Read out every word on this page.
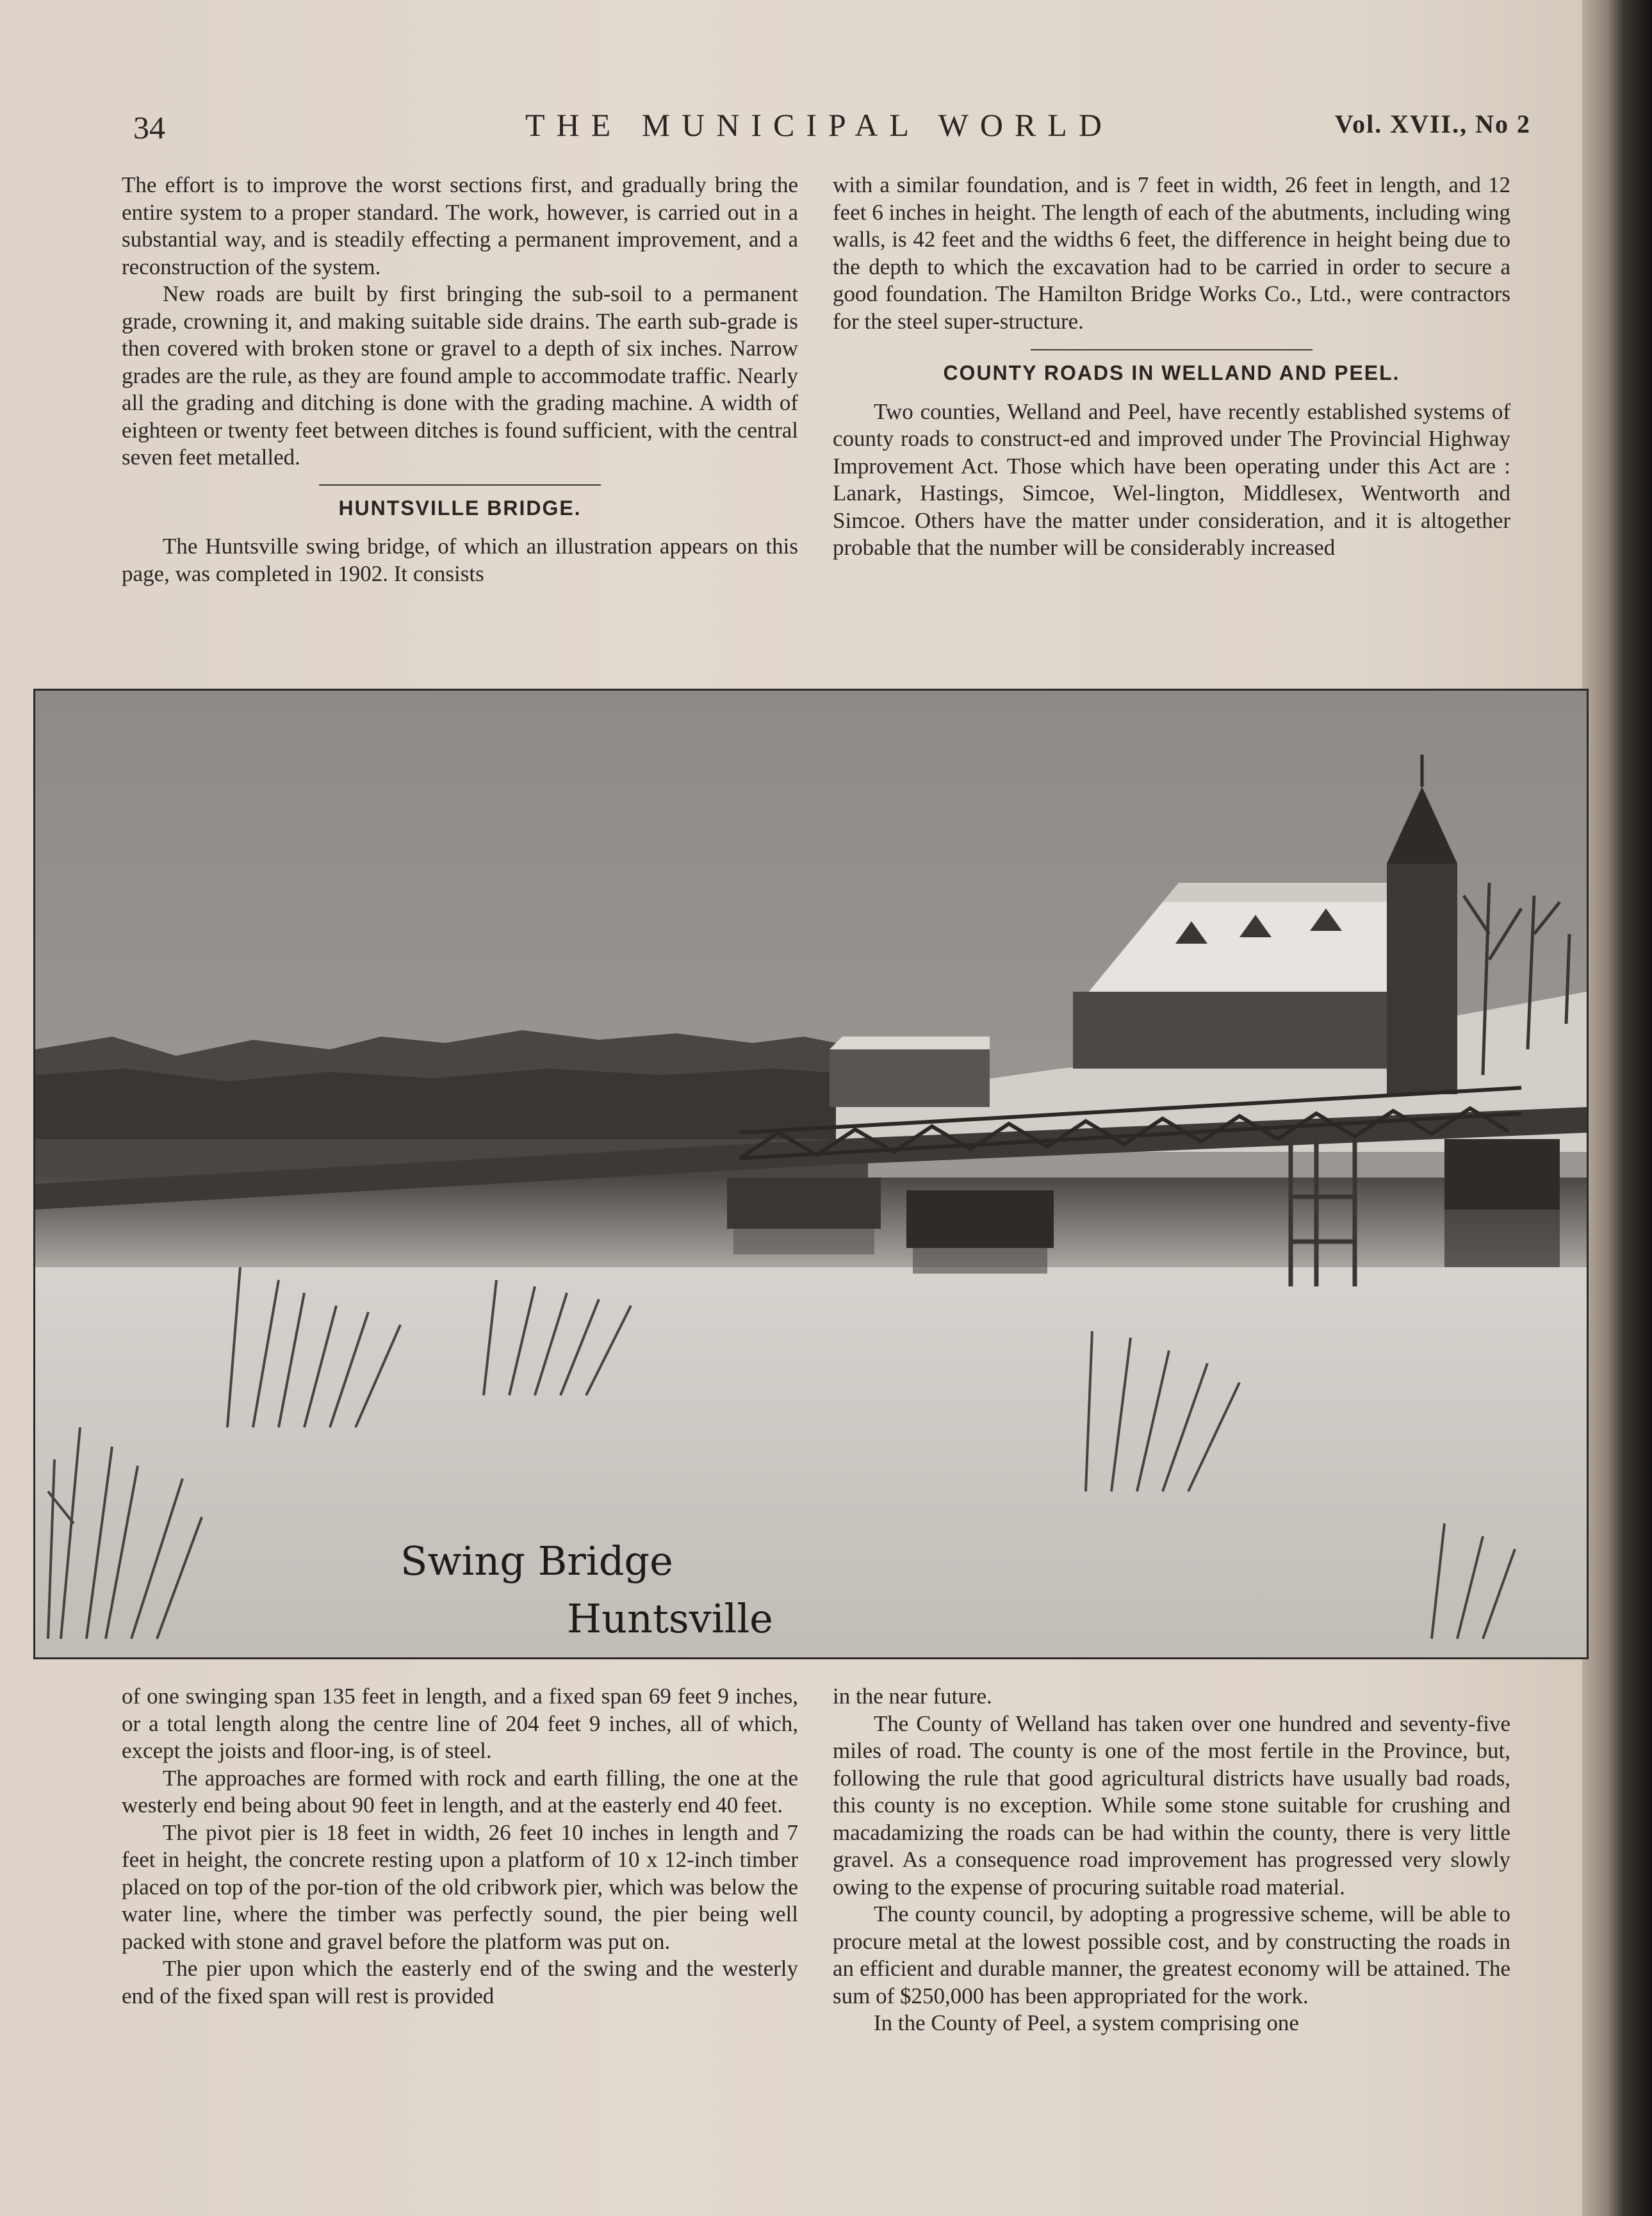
34	THE MUNICIPAL WORLD	Vol. XVII., No 2

The effort is to improve the worst sections first, and gradually bring the entire system to a proper standard. The work, however, is carried out in a substantial way, and is steadily effecting a permanent improvement, and a reconstruction of the system.

New roads are built by first bringing the sub-soil to a permanent grade, crowning it, and making suitable side drains. The earth sub-grade is then covered with broken stone or gravel to a depth of six inches. Narrow grades are the rule, as they are found ample to accommodate traffic. Nearly all the grading and ditching is done with the grading machine. A width of eighteen or twenty feet between ditches is found sufficient, with the central seven feet metalled.

HUNTSVILLE BRIDGE.

The Huntsville swing bridge, of which an illustration appears on this page, was completed in 1902. It consists

with a similar foundation, and is 7 feet in width, 26 feet in length, and 12 feet 6 inches in height. The length of each of the abutments, including wing walls, is 42 feet and the widths 6 feet, the difference in height being due to the depth to which the excavation had to be carried in order to secure a good foundation. The Hamilton Bridge Works Co., Ltd., were contractors for the steel super-structure.

COUNTY ROADS IN WELLAND AND PEEL.

Two counties, Welland and Peel, have recently established systems of county roads to construct-ed and improved under The Provincial Highway Improvement Act. Those which have been operating under this Act are : Lanark, Hastings, Simcoe, Wel-lington, Middlesex, Wentworth and Simcoe. Others have the matter under consideration, and it is altogether probable that the number will be considerably increased

Swing Bridge
Huntsville

of one swinging span 135 feet in length, and a fixed span 69 feet 9 inches, or a total length along the centre line of 204 feet 9 inches, all of which, except the joists and floor-ing, is of steel.

The approaches are formed with rock and earth filling, the one at the westerly end being about 90 feet in length, and at the easterly end 40 feet.

The pivot pier is 18 feet in width, 26 feet 10 inches in length and 7 feet in height, the concrete resting upon a platform of 10 x 12-inch timber placed on top of the por-tion of the old cribwork pier, which was below the water line, where the timber was perfectly sound, the pier being well packed with stone and gravel before the platform was put on.

The pier upon which the easterly end of the swing and the westerly end of the fixed span will rest is provided

in the near future.

The County of Welland has taken over one hundred and seventy-five miles of road. The county is one of the most fertile in the Province, but, following the rule that good agricultural districts have usually bad roads, this county is no exception. While some stone suitable for crushing and macadamizing the roads can be had within the county, there is very little gravel. As a consequence road improvement has progressed very slowly owing to the expense of procuring suitable road material.

The county council, by adopting a progressive scheme, will be able to procure metal at the lowest possible cost, and by constructing the roads in an efficient and durable manner, the greatest economy will be attained. The sum of $250,000 has been appropriated for the work.

In the County of Peel, a system comprising one
